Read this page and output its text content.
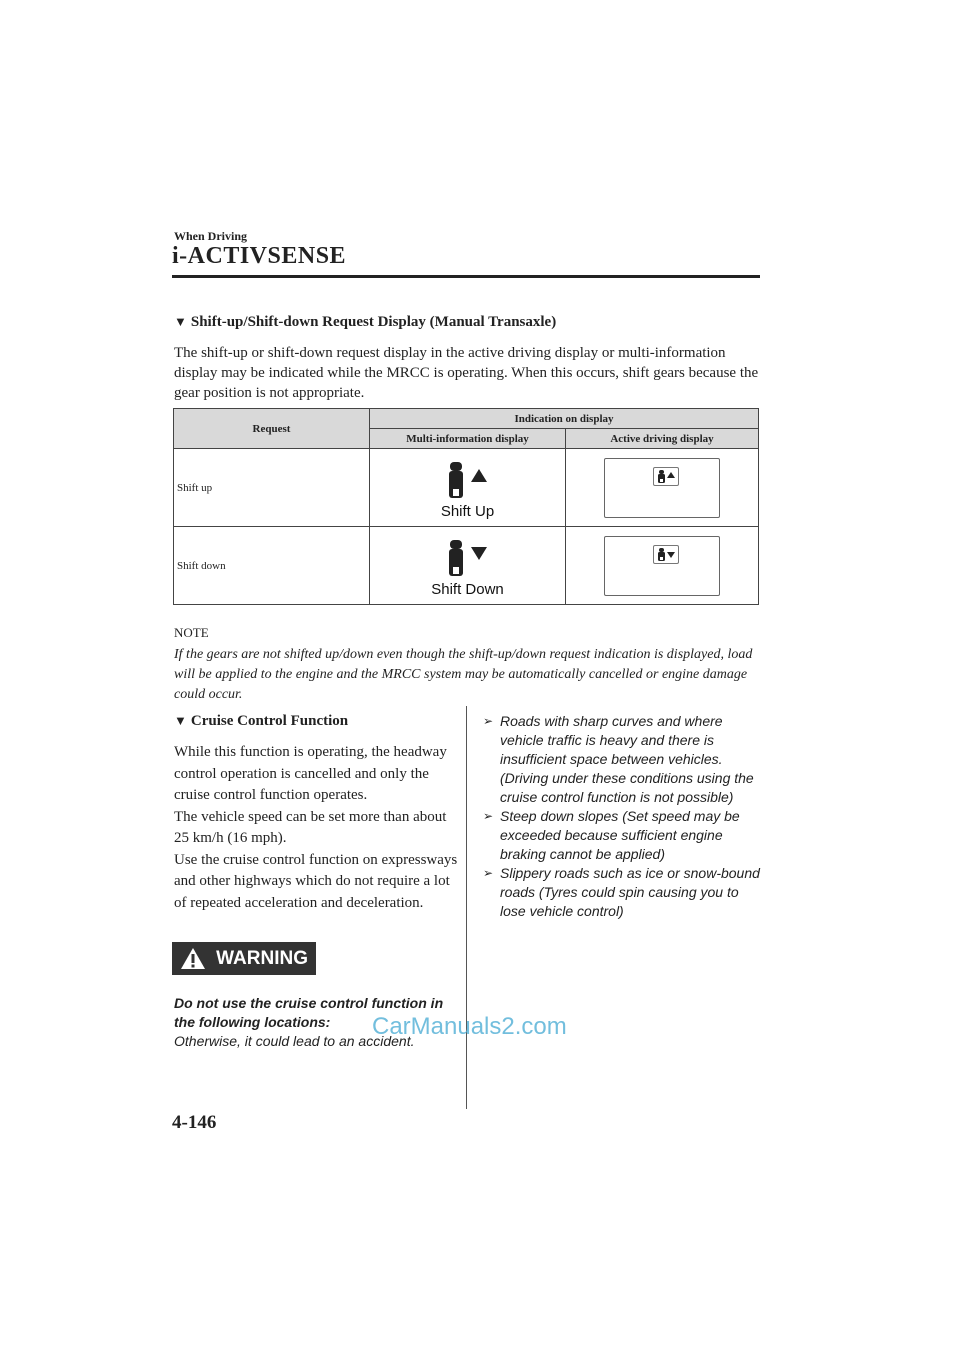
When Driving
i-ACTIVSENSE
▼ Shift-up/Shift-down Request Display (Manual Transaxle)
The shift-up or shift-down request display in the active driving display or multi-information display may be indicated while the MRCC is operating. When this occurs, shift gears because the gear position is not appropriate.
Request	Indication on display	
	Multi-information display	Active driving display
Shift up	Shift Up

Shift down	Shift Down

NOTE
If the gears are not shifted up/down even though the shift-up/down request indication is displayed, load will be applied to the engine and the MRCC system may be automatically cancelled or engine damage could occur.
▼ Cruise Control Function
While this function is operating, the headway control operation is cancelled and only the cruise control function operates.
The vehicle speed can be set more than about 25 km/h (16 mph).
Use the cruise control function on expressways and other highways which do not require a lot of repeated acceleration and deceleration.
WARNING
Do not use the cruise control function in the following locations:
Otherwise, it could lead to an accident.
➢ Roads with sharp curves and where vehicle traffic is heavy and there is insufficient space between vehicles. (Driving under these conditions using the cruise control function is not possible)
➢ Steep down slopes (Set speed may be exceeded because sufficient engine braking cannot be applied)
➢ Slippery roads such as ice or snow-bound roads (Tyres could spin causing you to lose vehicle control)
CarManuals2.com
4-146
